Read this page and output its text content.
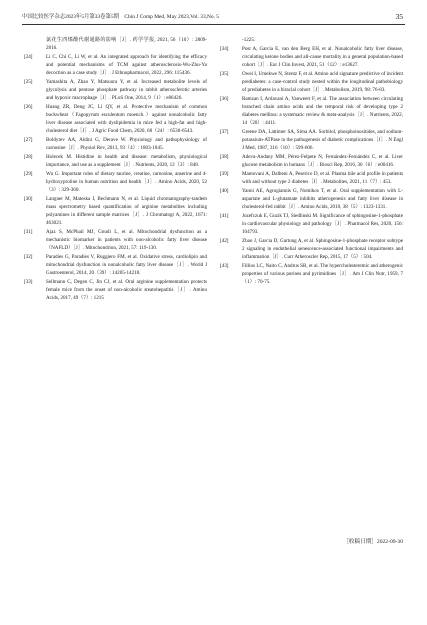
中国比较医学杂志2023年5月第33卷第5期　Chin J Comp Med, May 2023,Vol. 33,No. 5	35
氯花生四烯酸代谢通路的影响［J］. 药学学报, 2021, 56（10）: 2809-2816.
[24]	Li C, Chi C, Li W, et al. An integrated approach for identifying the efficacy and potential mechanisms of TCM against atherosclerosis-Wu-Zhu-Yu decoction as a case study［J］. J Ethnopharmacol, 2022, 296: 115436.
[25]	Yamashita A, Zhao Y, Matsuura Y, et al. Increased metabolite levels of glycolysis and pentose phosphate pathway in rabbit atherosclerotic arteries and hypoxic macrophage［J］. PLoS One, 2014, 9（1）: e86426.
[26]	Huang ZR, Deng JC, Li QY, et al. Protective mechanism of common buckwheat（Fagopyrum esculentum moench.）against nonalcoholic fatty liver disease associated with dyslipidemia in mice fed a high-fat and high-cholesterol diet［J］. J Agric Food Chem, 2020, 68（24）: 6530-6543.
[27]	Boldyrev AA, Aldini G, Derave W. Physiology and pathophysiology of carnosine［J］. Physiol Rev, 2013, 93（4）: 1803-1845.
[28]	Holecek M. Histidine in health and disease: metabolism, physiological importance, and use as a supplement［J］. Nutrients, 2020, 12（3）: 848.
[29]	Wu G. Important roles of dietary taurine, creatine, carnosine, anserine and 4-hydroxyproline in human nutrition and health［J］. Amino Acids, 2020, 52（3）: 329-360.
[30]	Langner M, Mateska I, Bechmann N, et al. Liquid chromatography-tandem mass spectrometry based quantification of arginine metabolites including polyamines in different sample matrices［J］. J Chromatogr A, 2022, 1671: 463021.
[31]	Ajaz S, McPhail MJ, Gnudi L, et al. Mitochondrial dysfunction as a mechanistic biomarker in patients with non-alcoholic fatty liver disease（NAFLD）［J］. Mitochondrion, 2021, 57: 119-130.
[32]	Paradies G, Paradies V, Ruggiero FM, et al. Oxidative stress, cardiolipin and mitochondrial dysfunction in nonalcoholic fatty liver disease［J］. World J Gastroenterol, 2014, 20（39）: 14205-14218.
[33]	Sellmann C, Degen C, Jin CJ, et al. Oral arginine supplementation protects female mice from the onset of non-alcoholic steatohepatitis［J］. Amino Acids, 2017, 49（7）: 1215
-1225.
[34]	Post A, Garcia E, van den Berg EH, et al. Nonalcoholic fatty liver disease, circulating ketone bodies and all-cause mortality in a general population-based cohort［J］. Eur J Clin Invest, 2021, 51（12）: e13627.
[35]	Owei I, Umekwe N, Stentz F, et al. Amino acid signature predictive of incident prediabetes: a case-control study nested within the longitudinal pathobiology of prediabetes in a biracial cohort［J］. Metabolism, 2019, 98: 76-83.
[36]	Ramzan I, Ardavani A, Vanweert F, et al. The association between circulating branched chain amino acids and the temporal risk of developing type 2 diabetes mellitus: a systematic review & meta-analysis［J］. Nutrients, 2022, 14（20）: 4411.
[37]	Greene DA, Lattimer SA, Sima AA. Sorbitol, phosphoinositides, and sodium-potassium-ATPase in the pathogenesis of diabetic complications［J］. N Engl J Med, 1987, 316（10）: 599-606.
[38]	Adeva-Andany MM, Pérez-Felpete N, Fernández-Fernández C, et al. Liver glucose metabolism in humans［J］. Biosci Rep, 2016, 36（6）: e00416.
[39]	Mantovani A, Dalbeni A, Peserico D, et al. Plasma bile acid profile in patients with and without type 2 diabetes［J］. Metabolites, 2021, 11（7）: 453.
[40]	Yanni AE, Agrogiannis G, Nomikos T, et al. Oral supplementation with L-aspartate and L-glutamate inhibits atherogenesis and fatty liver disease in cholesterol-fed rabbit［J］. Amino Acids, 2010, 38（5）: 1323-1331.
[41]	Jozefczuk E, Guzik TJ, Siedlinski M. Significance of sphingosine-1-phosphate in cardiovascular physiology and pathology［J］. Pharmacol Res, 2020, 156: 104793.
[42]	Zhao J, Garcia D, Gartung A, et al. Sphingosine-1-phosphate receptor subtype 2 signaling in endothelial senescence-associated functional impairments and inflammation［J］. Curr Atheroscler Rep, 2015, 17（5）: 504.
[43]	Fillios LC, Naito C, Andrus SB, et al. The hypercholesteremic and atherogenic properties of various purines and pyrimidines［J］. Am J Clin Nutr, 1959, 7（1）: 70-75.
［收稿日期］2022-09-30
